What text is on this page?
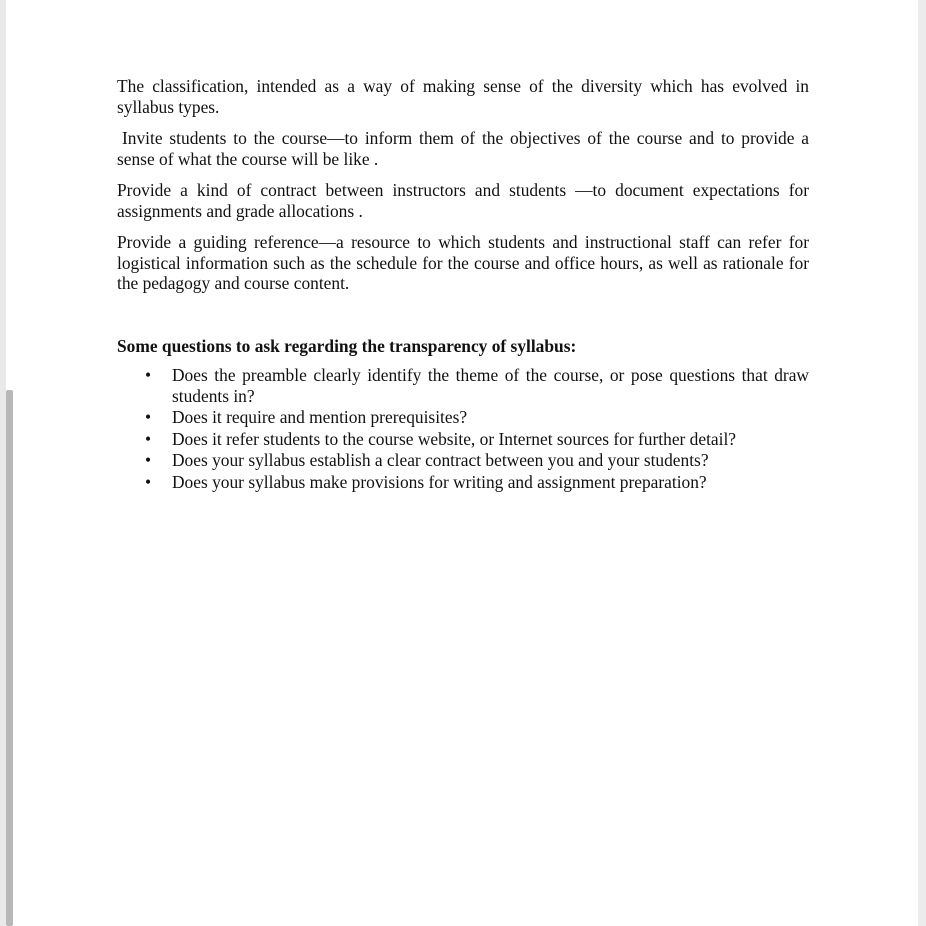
The classification, intended as a way of making sense of the diversity which has evolved in syllabus types.

Invite students to the course—to inform them of the objectives of the course and to provide a sense of what the course will be like .

Provide a kind of contract between instructors and students —to document expectations for assignments and grade allocations .

Provide a guiding reference—a resource to which students and instructional staff can refer for logistical information such as the schedule for the course and office hours, as well as rationale for the pedagogy and course content.

Some questions to ask regarding the transparency of syllabus:
• Does the preamble clearly identify the theme of the course, or pose questions that draw students in?
• Does it require and mention prerequisites?
• Does it refer students to the course website, or Internet sources for further detail?
• Does your syllabus establish a clear contract between you and your students?
• Does your syllabus make provisions for writing and assignment preparation?
